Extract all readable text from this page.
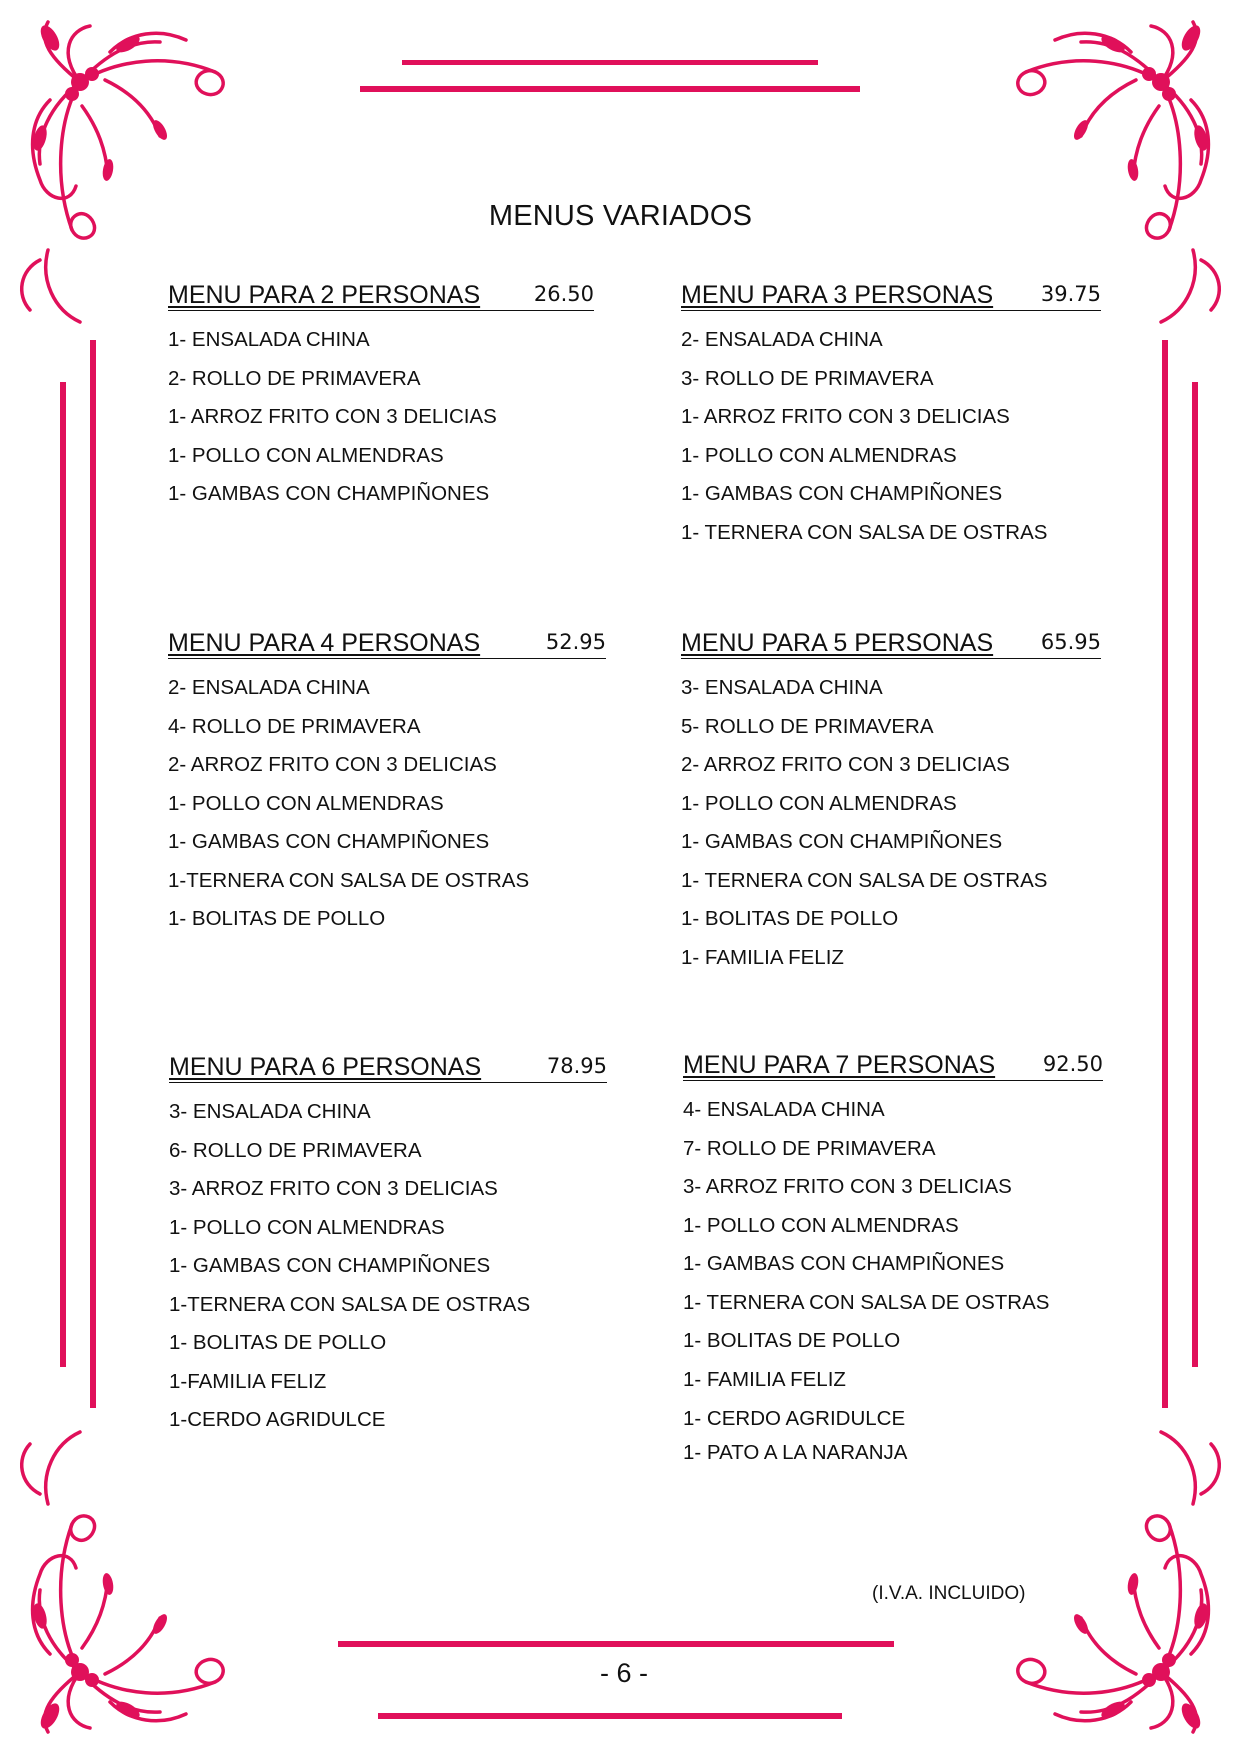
MENUS VARIADOS
MENU PARA 2 PERSONAS	26.50
1- ENSALADA CHINA
2- ROLLO DE PRIMAVERA
1- ARROZ FRITO CON 3 DELICIAS
1- POLLO CON ALMENDRAS
1- GAMBAS CON CHAMPIÑONES
MENU PARA 3 PERSONAS 39.75
2- ENSALADA CHINA
3- ROLLO DE PRIMAVERA
1- ARROZ FRITO CON 3 DELICIAS
1- POLLO CON ALMENDRAS
1- GAMBAS CON CHAMPIÑONES
1- TERNERA CON SALSA DE OSTRAS
MENU PARA 4 PERSONAS	52.95
2- ENSALADA CHINA
4- ROLLO DE PRIMAVERA
2- ARROZ FRITO CON 3 DELICIAS
1- POLLO CON ALMENDRAS
1- GAMBAS CON CHAMPIÑONES
1-TERNERA CON SALSA DE OSTRAS
1- BOLITAS DE POLLO
MENU PARA 5 PERSONAS 65.95
3- ENSALADA CHINA
5- ROLLO DE PRIMAVERA
2- ARROZ FRITO CON 3 DELICIAS
1- POLLO CON ALMENDRAS
1- GAMBAS CON CHAMPIÑONES
1- TERNERA CON SALSA DE OSTRAS
1- BOLITAS DE POLLO
1- FAMILIA FELIZ
MENU PARA 6 PERSONAS	78.95
3- ENSALADA CHINA
6- ROLLO DE PRIMAVERA
3- ARROZ FRITO CON 3 DELICIAS
1- POLLO CON ALMENDRAS
1- GAMBAS CON CHAMPIÑONES
1-TERNERA CON SALSA DE OSTRAS
1- BOLITAS DE POLLO
1-FAMILIA FELIZ
1-CERDO AGRIDULCE
MENU PARA 7 PERSONAS 92.50
4- ENSALADA CHINA
7- ROLLO DE PRIMAVERA
3- ARROZ FRITO CON 3 DELICIAS
1- POLLO CON ALMENDRAS
1- GAMBAS CON CHAMPIÑONES
1- TERNERA CON SALSA DE OSTRAS
1- BOLITAS DE POLLO
1- FAMILIA FELIZ
1- CERDO AGRIDULCE
1- PATO A LA NARANJA
(I.V.A. INCLUIDO)
- 6 -
